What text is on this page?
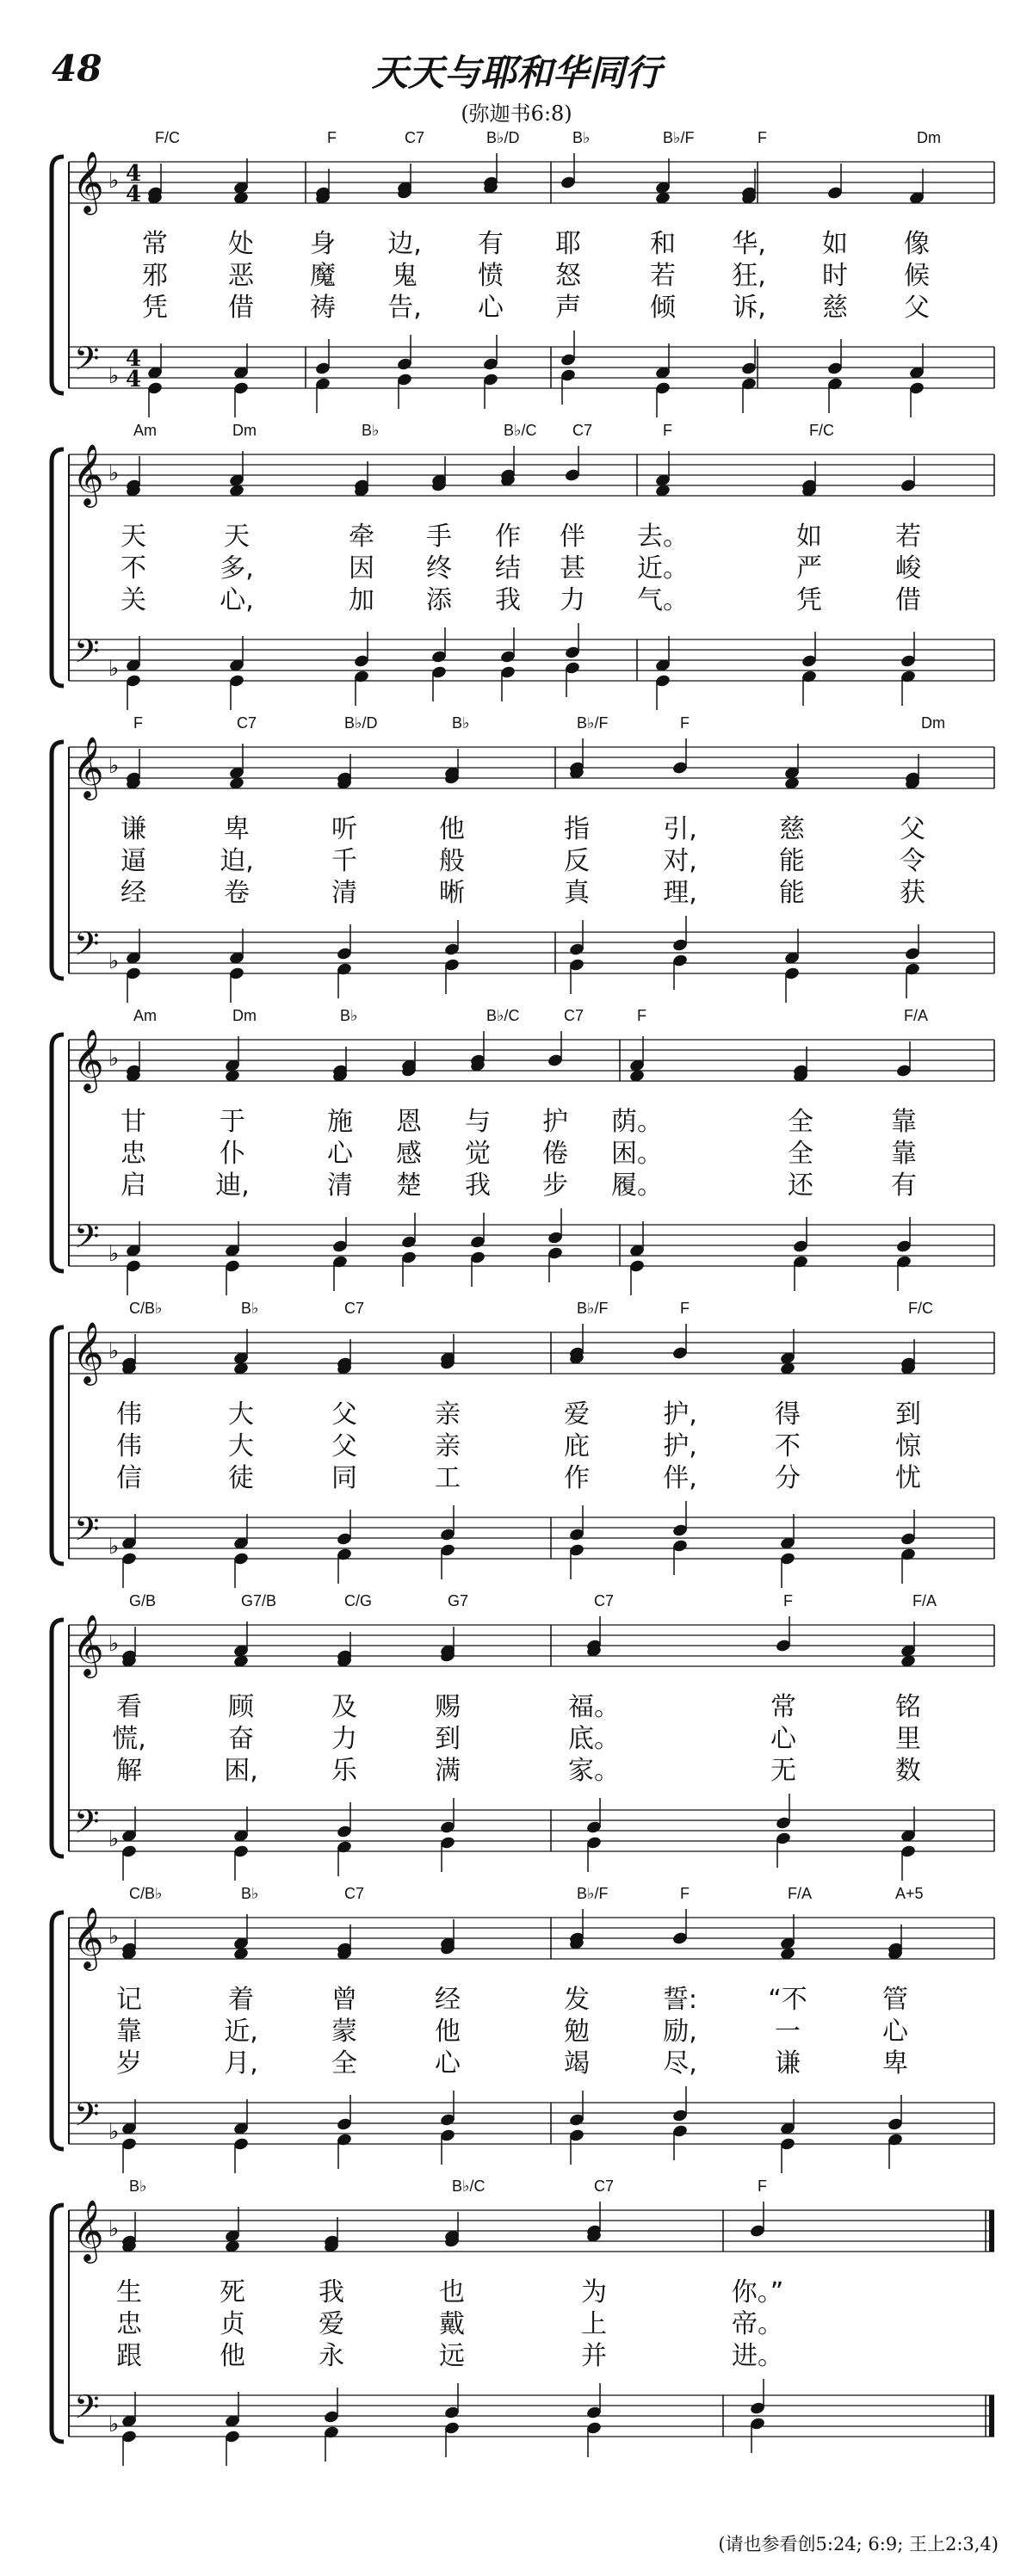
48	天天与耶和华同行
(弥迦书6:8)
F/C	F	C7	B♭/D	B♭	B♭/F	F	Dm
𝄞
𝄢
♭
♭
4
4
4
4
常 处 身 边, 有 耶	和 华, 如 像
邪 恶 魔 鬼 愤 怒	若 狂, 时 候
凭 借 祷 告, 心 声	倾 诉, 慈 父
Am	Dm	B♭	B♭/C C7	F	F/C
𝄞
𝄢
♭
♭
天	天	牵 手 作 伴 去。	如	若
不	多,	因 终 结 甚 近。	严	峻
关	心,	加 添 我 力 气。	凭	借
F	C7	B♭/D	B♭	B♭/F	F	Dm
𝄞
𝄢
♭
♭
谦	卑	听	他	指	引,	慈	父
逼	迫,	千	般	反	对,	能	令
经	卷	清	晰	真	理,	能	获
Am	Dm	B♭	B♭/C	C7	F	F/A
𝄞
𝄢
♭
♭
甘	于	施 恩 与 护 荫。	全	靠
忠	仆	心 感 觉 倦 困。	全	靠
启	迪,	清 楚 我 步 履。	还	有
C/B♭	B♭	C7	B♭/F	F	F/C
𝄞
𝄢
♭
♭
伟	大	父	亲	爱	护,	得	到
伟	大	父	亲	庇	护,	不	惊
信	徒	同	工	作	伴,	分	忧
G/B	G7/B	C/G	G7	C7	F	F/A
𝄞
𝄢
♭
♭
看	顾	及	赐	福。	常	铭
慌,	奋	力	到	底。	心	里
解	困,	乐	满	家。	无	数
C/B♭	B♭	C7	B♭/F	F	F/A	A+5
𝄞
𝄢
♭
♭
记	着	曾	经	发	誓:	“不	管
靠	近,	蒙	他	勉	励,	一	心
岁	月,	全	心	竭	尽,	谦	卑
B♭	B♭/C	C7	F
𝄞
𝄢
♭
♭
生	死	我	也	为	你。”
忠	贞	爱	戴	上	帝。
跟	他	永	远	并	进。
(请也参看创5:24; 6:9; 王上2:3,4)
